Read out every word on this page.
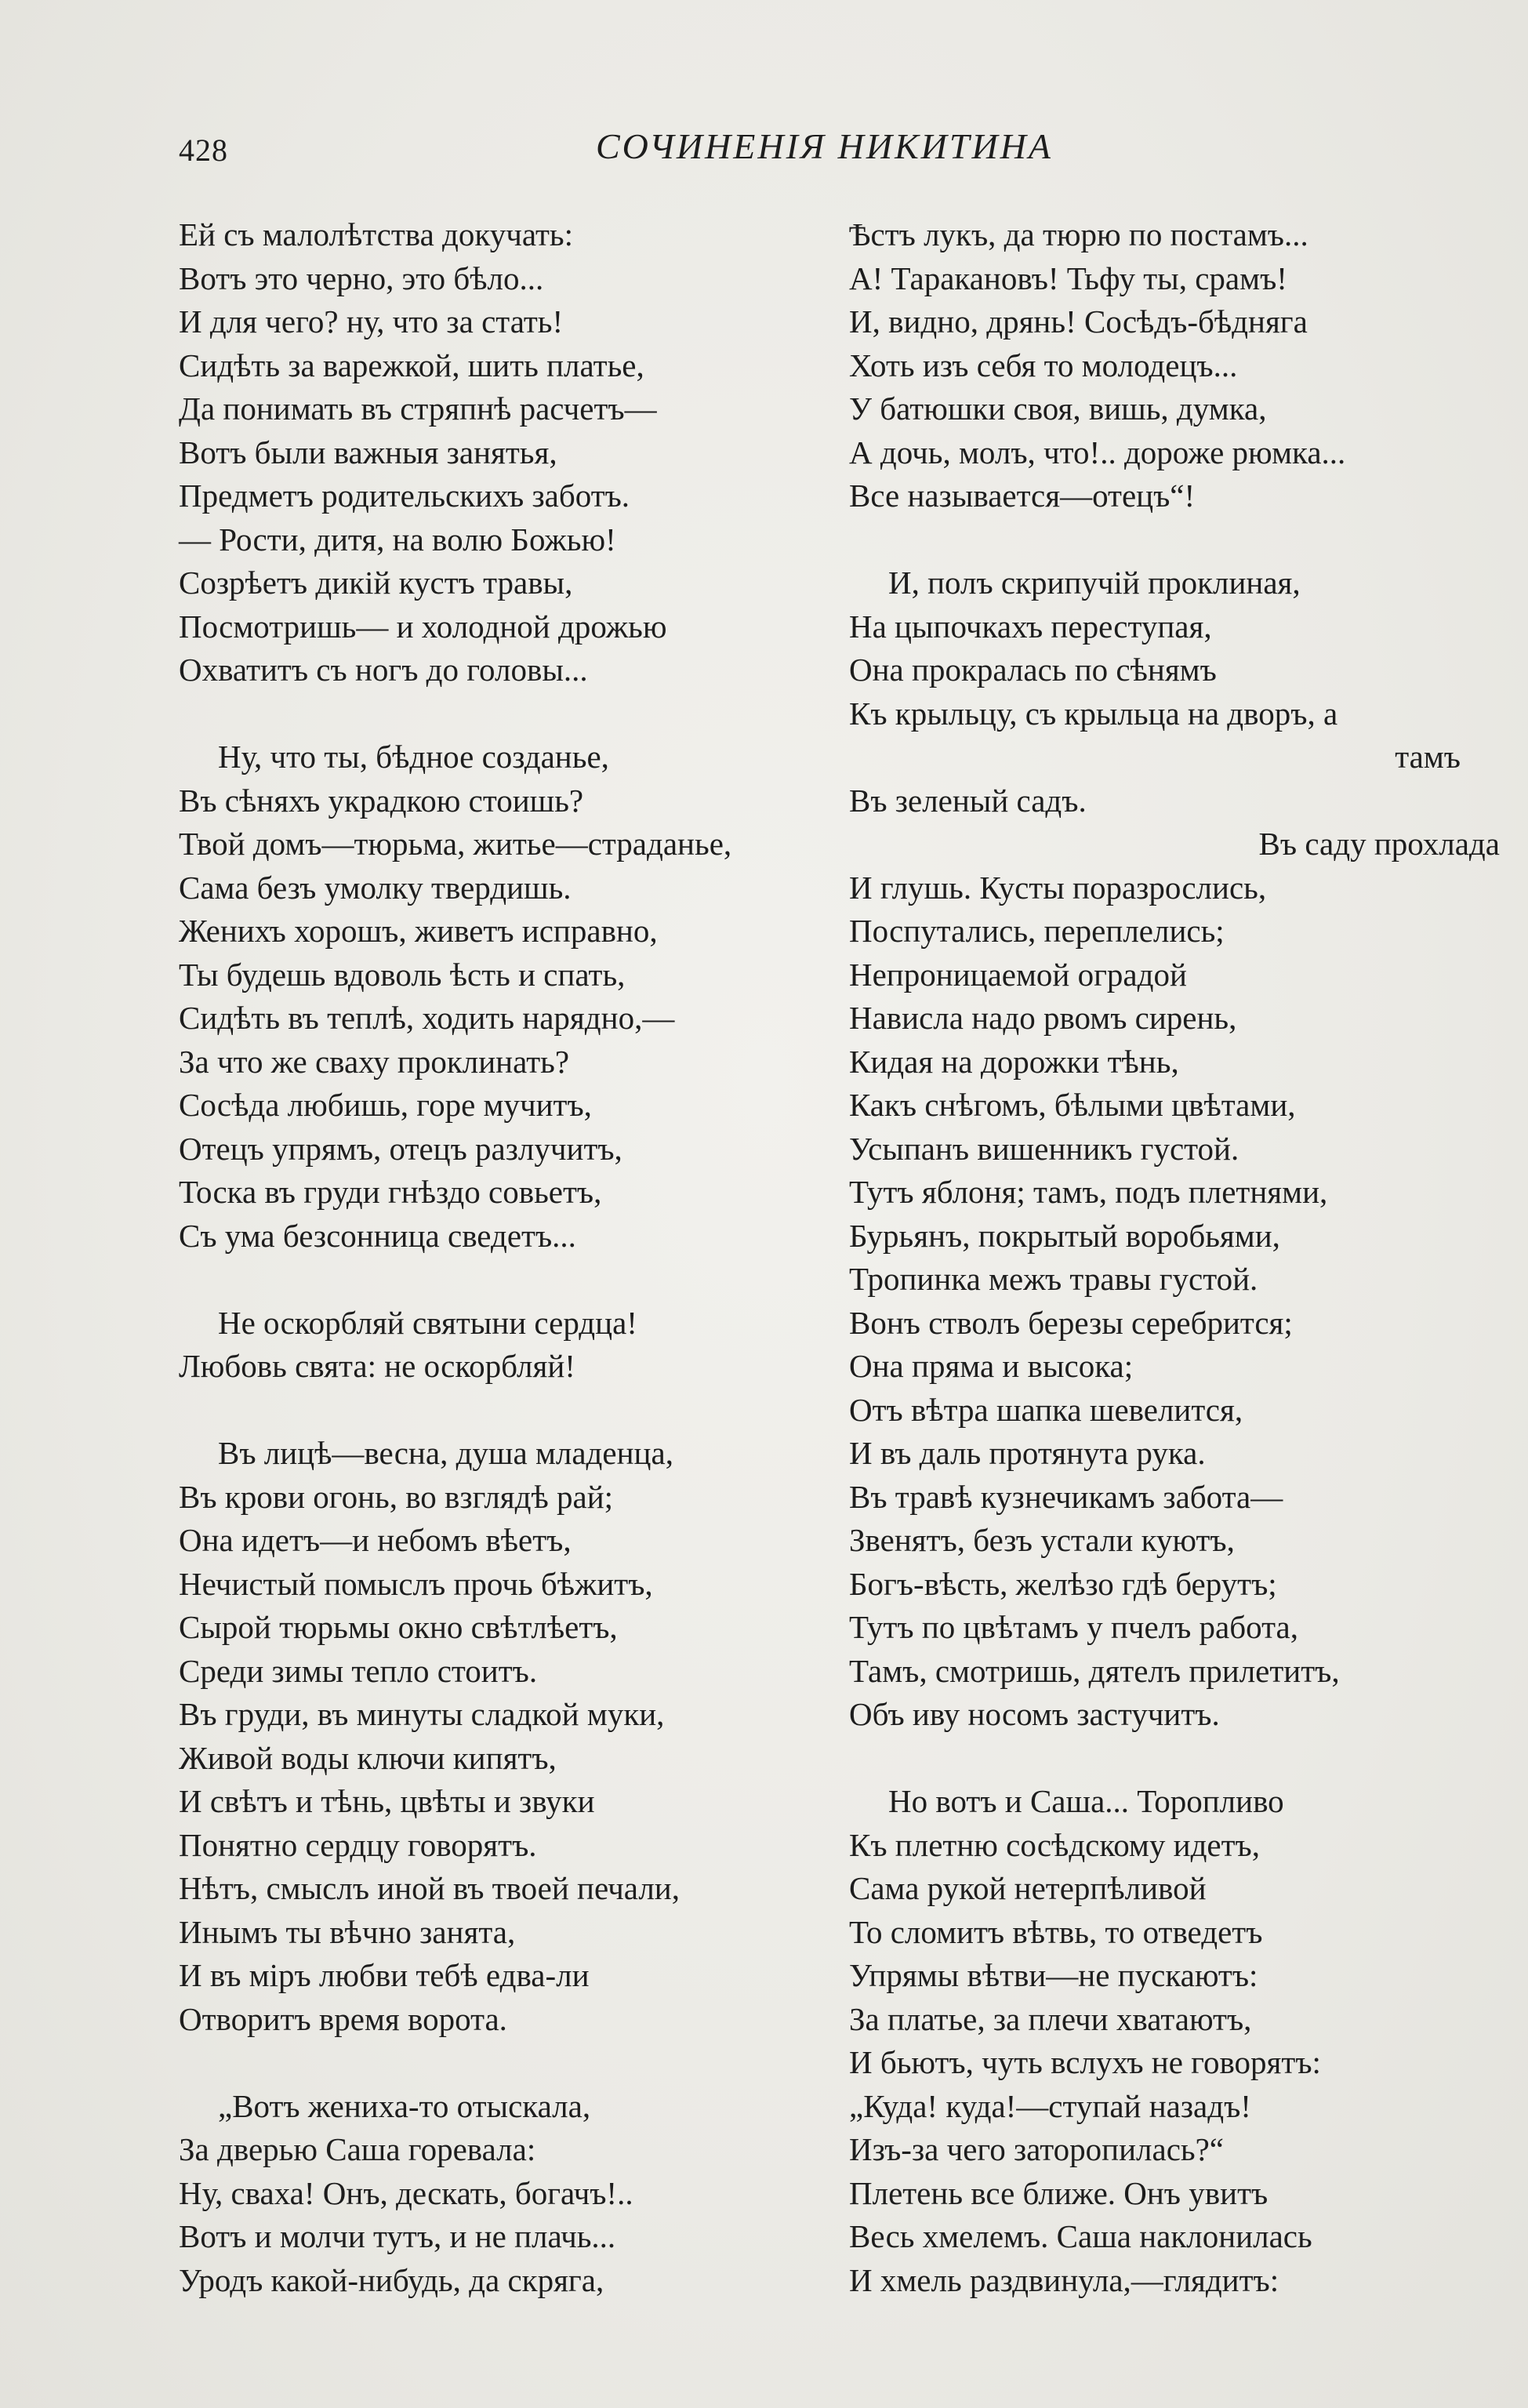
428	СОЧИНЕНІЯ НИКИТИНА
Ей съ малолѣтства докучать:
Вотъ это черно, это бѣло...
И для чего? ну, что за стать!
Сидѣть за варежкой, шить платье,
Да понимать въ стряпнѣ расчетъ—
Вотъ были важныя занятья,
Предметъ родительскихъ заботъ.
— Рости, дитя, на волю Божью!
Созрѣетъ дикій кустъ травы,
Посмотришь— и холодной дрожью
Охватитъ съ ногъ до головы...
Ну, что ты, бѣдное созданье,
Въ сѣняхъ украдкою стоишь?
Твой домъ—тюрьма, житье—страданье,
Сама безъ умолку твердишь.
Женихъ хорошъ, живетъ исправно,
Ты будешь вдоволь ѣсть и спать,
Сидѣть въ теплѣ, ходить нарядно,—
За что же сваху проклинать?
Сосѣда любишь, горе мучитъ,
Отецъ упрямъ, отецъ разлучитъ,
Тоска въ груди гнѣздо совьетъ,
Съ ума безсонница сведетъ...
Не оскорбляй святыни сердца!
Любовь свята: не оскорбляй!
Въ лицѣ—весна, душа младенца,
Въ крови огонь, во взглядѣ рай;
Она идетъ—и небомъ вѣетъ,
Нечистый помыслъ прочь бѣжитъ,
Сырой тюрьмы окно свѣтлѣетъ,
Среди зимы тепло стоитъ.
Въ груди, въ минуты сладкой муки,
Живой воды ключи кипятъ,
И свѣтъ и тѣнь, цвѣты и звуки
Понятно сердцу говорятъ.
Нѣтъ, смыслъ иной въ твоей печали,
Инымъ ты вѣчно занята,
И въ міръ любви тебѣ едва-ли
Отворитъ время ворота.
„Вотъ жениха-то отыскала,
За дверью Саша горевала:
Ну, сваха! Онъ, дескать, богачъ!..
Вотъ и молчи тутъ, и не плачь...
Уродъ какой-нибудь, да скряга,
Ѣстъ лукъ, да тюрю по постамъ...
А! Таракановъ! Тьфу ты, срамъ!
И, видно, дрянь! Сосѣдъ-бѣдняга
Хоть изъ себя то молодецъ...
У батюшки своя, вишь, думка,
А дочь, молъ, что!.. дороже рюмка...
Все называется—отецъ“!
И, полъ скрипучій проклиная,
На цыпочкахъ переступая,
Она прокралась по сѣнямъ
Къ крыльцу, съ крыльца на дворъ, а
тамъ
Въ зеленый садъ.
Въ саду прохлада
И глушь. Кусты поразрослись,
Поспутались, переплелись;
Непроницаемой оградой
Нависла надо рвомъ сирень,
Кидая на дорожки тѣнь,
Какъ снѣгомъ, бѣлыми цвѣтами,
Усыпанъ вишенникъ густой.
Тутъ яблоня; тамъ, подъ плетнями,
Бурьянъ, покрытый воробьями,
Тропинка межъ травы густой.
Вонъ стволъ березы серебрится;
Она пряма и высока;
Отъ вѣтра шапка шевелится,
И въ даль протянута рука.
Въ травѣ кузнечикамъ забота—
Звенятъ, безъ устали куютъ,
Богъ-вѣсть, желѣзо гдѣ берутъ;
Тутъ по цвѣтамъ у пчелъ работа,
Тамъ, смотришь, дятелъ прилетитъ,
Объ иву носомъ застучитъ.
Но вотъ и Саша... Торопливо
Къ плетню сосѣдскому идетъ,
Сама рукой нетерпѣливой
То сломитъ вѣтвь, то отведетъ
Упрямы вѣтви—не пускаютъ:
За платье, за плечи хватаютъ,
И бьютъ, чуть вслухъ не говорятъ:
„Куда! куда!—ступай назадъ!
Изъ-за чего заторопилась?“
Плетень все ближе. Онъ увитъ
Весь хмелемъ. Саша наклонилась
И хмель раздвинула,—глядитъ:
